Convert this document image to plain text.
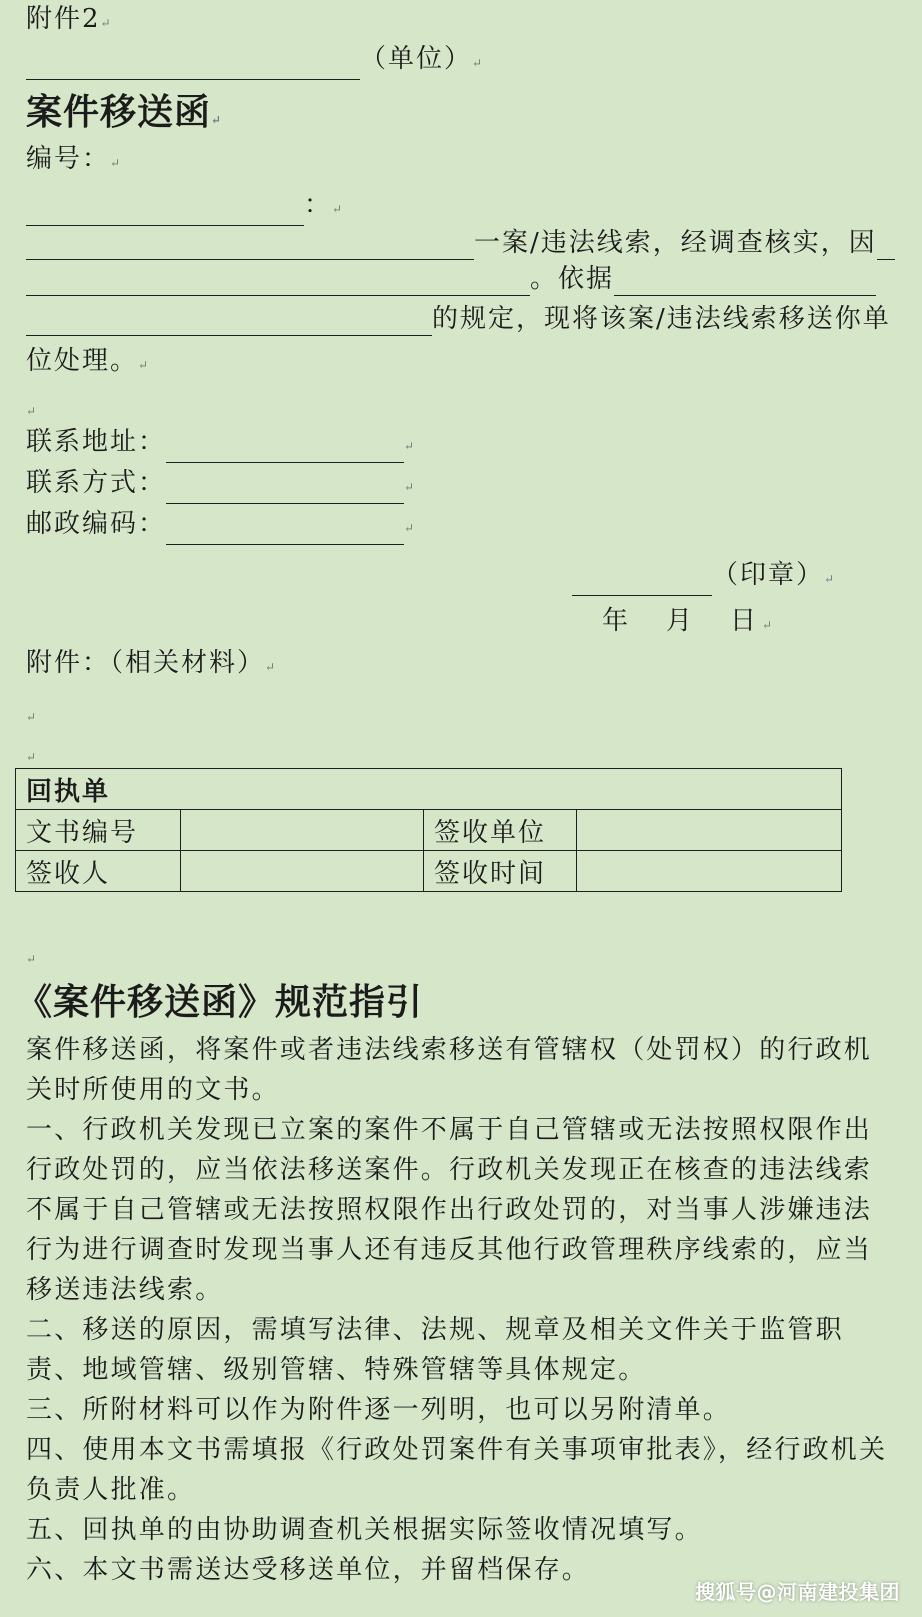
附件2↵
（单位）↵
案件移送函↵
编号：↵
：↵
一案/违法线索，经调查核实，因
。依据
的规定，现将该案/违法线索移送你单
位处理。↵
↵
联系地址：	↵
联系方式：	↵
邮政编码：	↵
（印章）↵
年　月　日↵
附件：（相关材料）↵
↵
↵
回执单			
文书编号		签收单位	
签收人		签收时间	
↵
《案件移送函》规范指引

案件移送函，将案件或者违法线索移送有管辖权（处罚权）的行政机关时所使用的文书。

一、行政机关发现已立案的案件不属于自己管辖或无法按照权限作出行政处罚的，应当依法移送案件。行政机关发现正在核查的违法线索不属于自己管辖或无法按照权限作出行政处罚的，对当事人涉嫌违法行为进行调查时发现当事人还有违反其他行政管理秩序线索的，应当移送违法线索。

二、移送的原因，需填写法律、法规、规章及相关文件关于监管职责、地域管辖、级别管辖、特殊管辖等具体规定。

三、所附材料可以作为附件逐一列明，也可以另附清单。

四、使用本文书需填报《行政处罚案件有关事项审批表》，经行政机关负责人批准。

五、回执单的由协助调查机关根据实际签收情况填写。

六、本文书需送达受移送单位，并留档保存。

搜狐号@河南建投集团
